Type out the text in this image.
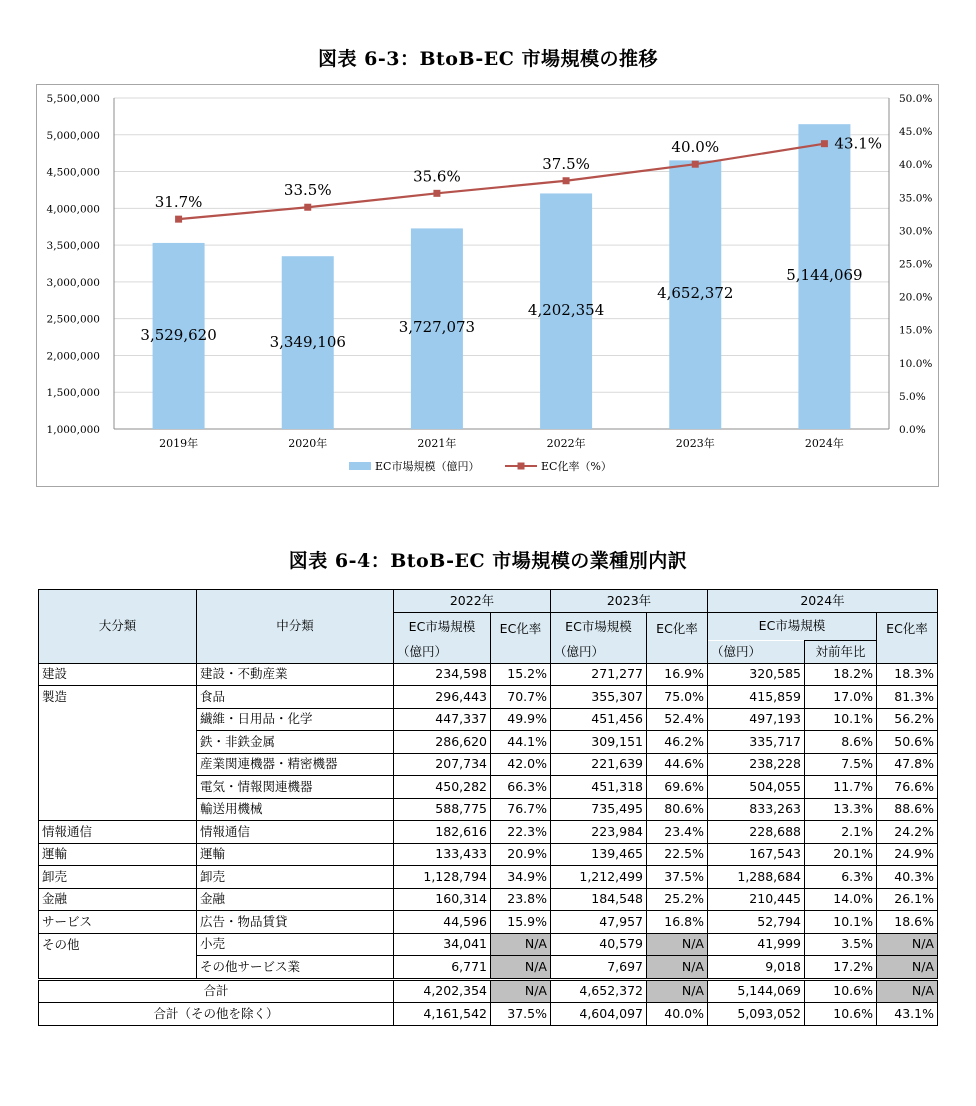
図表 6-3：BtoB-EC 市場規模の推移
1,000,000
1,500,000
2,000,000
2,500,000
3,000,000
3,500,000
4,000,000
4,500,000
5,000,000
5,500,000
0.0%
5.0%
10.0%
15.0%
20.0%
25.0%
30.0%
35.0%
40.0%
45.0%
50.0%
3,529,620	3,349,106
3,727,073
4,202,354
4,652,372
5,144,069
31.7%
33.5%
35.6%
37.5%
40.0%	43.1%
2019年	2020年	2021年	2022年	2023年	2024年
EC市場規模（億円）	EC化率（%）
図表 6-4：BtoB-EC 市場規模の業種別内訳
大分類	中分類	2022年		2023年		2024年		
		EC市場規模	EC化率	EC市場規模	EC化率	EC市場規模		EC化率
		（億円）		（億円）		（億円）	対前年比	
建設	建設・不動産業	234,598	15.2%	271,277	16.9%	320,585	18.2%	18.3%
製造	食品	296,443	70.7%	355,307	75.0%	415,859	17.0%	81.3%
	繊維・日用品・化学	447,337	49.9%	451,456	52.4%	497,193	10.1%	56.2%
	鉄・非鉄金属	286,620	44.1%	309,151	46.2%	335,717	8.6%	50.6%
	産業関連機器・精密機器	207,734	42.0%	221,639	44.6%	238,228	7.5%	47.8%
	電気・情報関連機器	450,282	66.3%	451,318	69.6%	504,055	11.7%	76.6%
	輸送用機械	588,775	76.7%	735,495	80.6%	833,263	13.3%	88.6%
情報通信	情報通信	182,616	22.3%	223,984	23.4%	228,688	2.1%	24.2%
運輸	運輸	133,433	20.9%	139,465	22.5%	167,543	20.1%	24.9%
卸売	卸売	1,128,794	34.9%	1,212,499	37.5%	1,288,684	6.3%	40.3%
金融	金融	160,314	23.8%	184,548	25.2%	210,445	14.0%	26.1%
サービス	広告・物品賃貸	44,596	15.9%	47,957	16.8%	52,794	10.1%	18.6%
その他	小売	34,041	N/A	40,579	N/A	41,999	3.5%	N/A
	その他サービス業	6,771	N/A	7,697	N/A	9,018	17.2%	N/A
合計		4,202,354	N/A	4,652,372	N/A	5,144,069	10.6%	N/A
合計（その他を除く）		4,161,542	37.5%	4,604,097	40.0%	5,093,052	10.6%	43.1%
